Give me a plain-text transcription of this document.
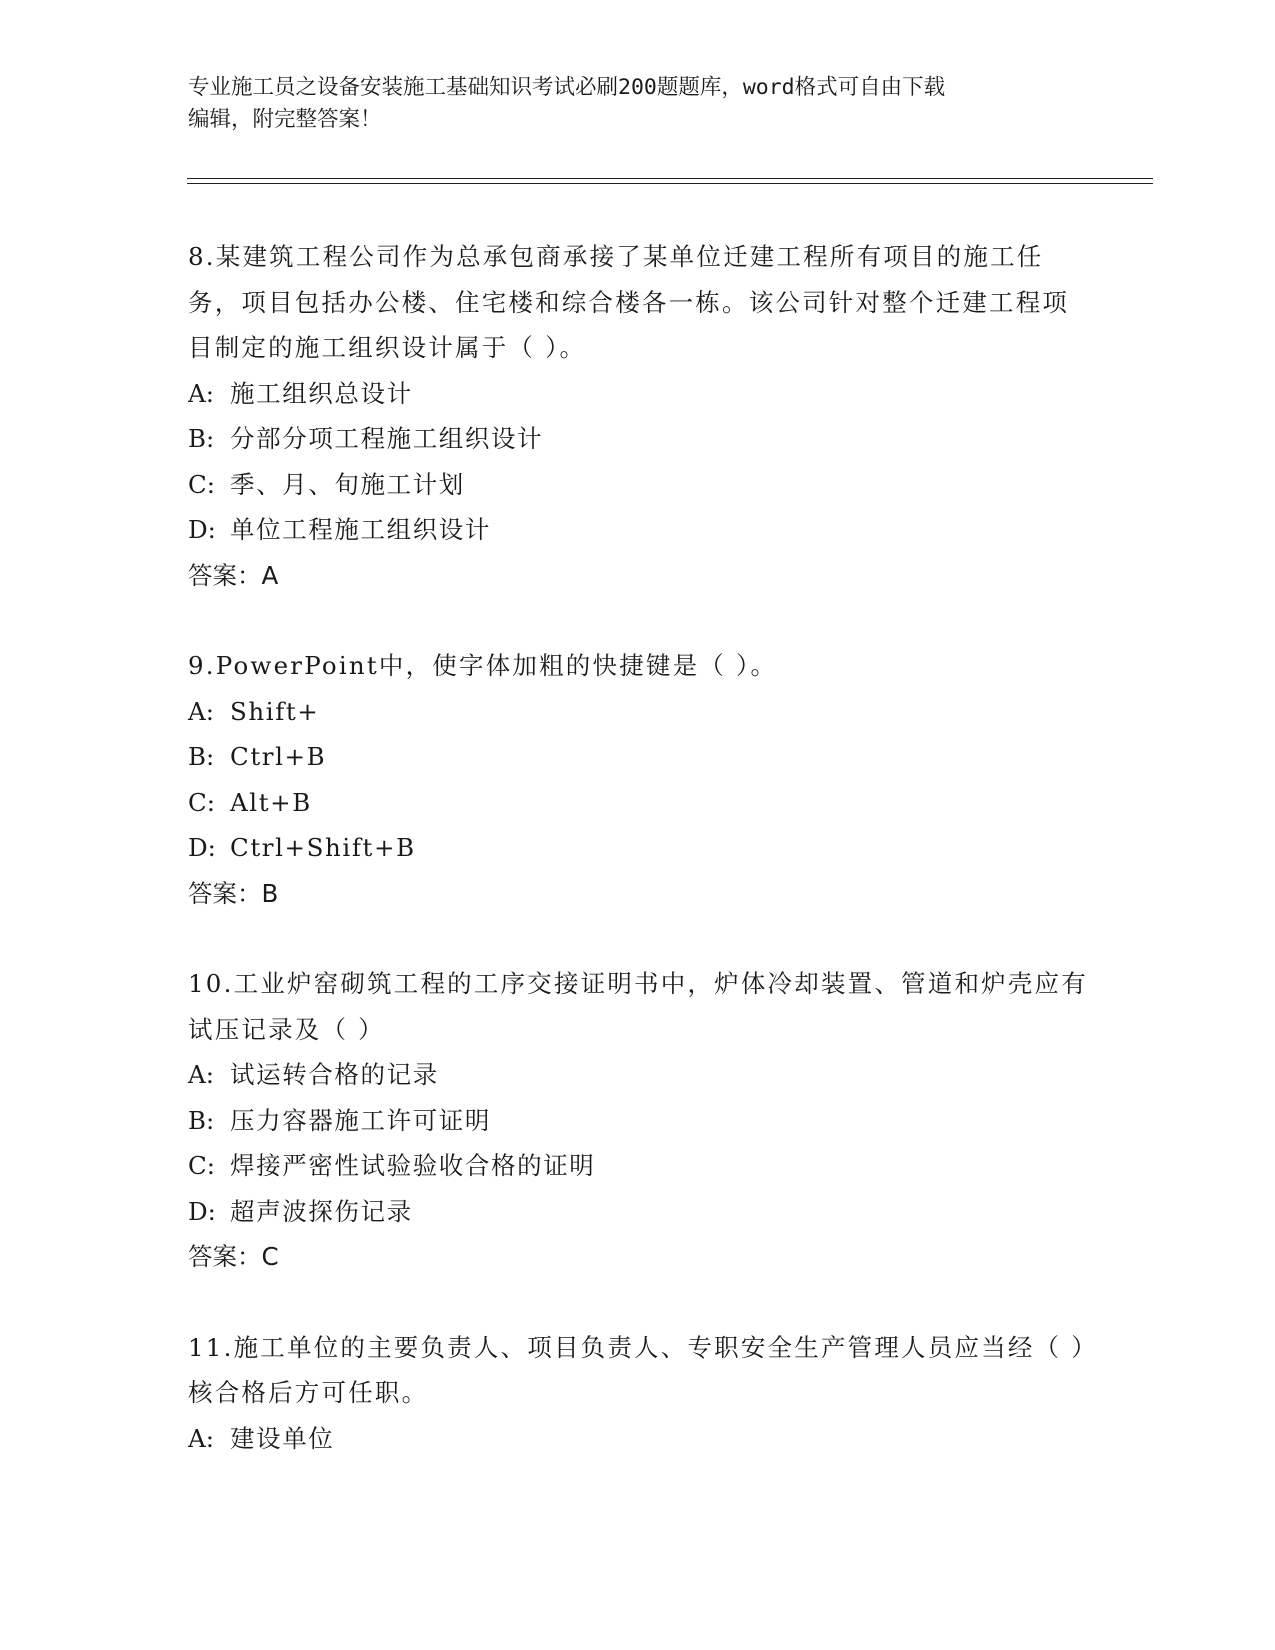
专业施工员之设备安装施工基础知识考试必刷200题题库，word格式可自由下载
编辑，附完整答案！
8.某建筑工程公司作为总承包商承接了某单位迁建工程所有项目的施工任务，项目包括办公楼、住宅楼和综合楼各一栋。该公司针对整个迁建工程项目制定的施工组织设计属于（ ）。
A: 施工组织总设计
B: 分部分项工程施工组织设计
C: 季、月、旬施工计划
D: 单位工程施工组织设计
答案：A
9.PowerPoint中，使字体加粗的快捷键是（ ）。
A: Shift+
B: Ctrl+B
C: Alt+B
D: Ctrl+Shift+B
答案：B
10.工业炉窑砌筑工程的工序交接证明书中，炉体冷却装置、管道和炉壳应有试压记录及（ ）
A: 试运转合格的记录
B: 压力容器施工许可证明
C: 焊接严密性试验验收合格的证明
D: 超声波探伤记录
答案：C
11.施工单位的主要负责人、项目负责人、专职安全生产管理人员应当经（ ）核合格后方可任职。
A: 建设单位
